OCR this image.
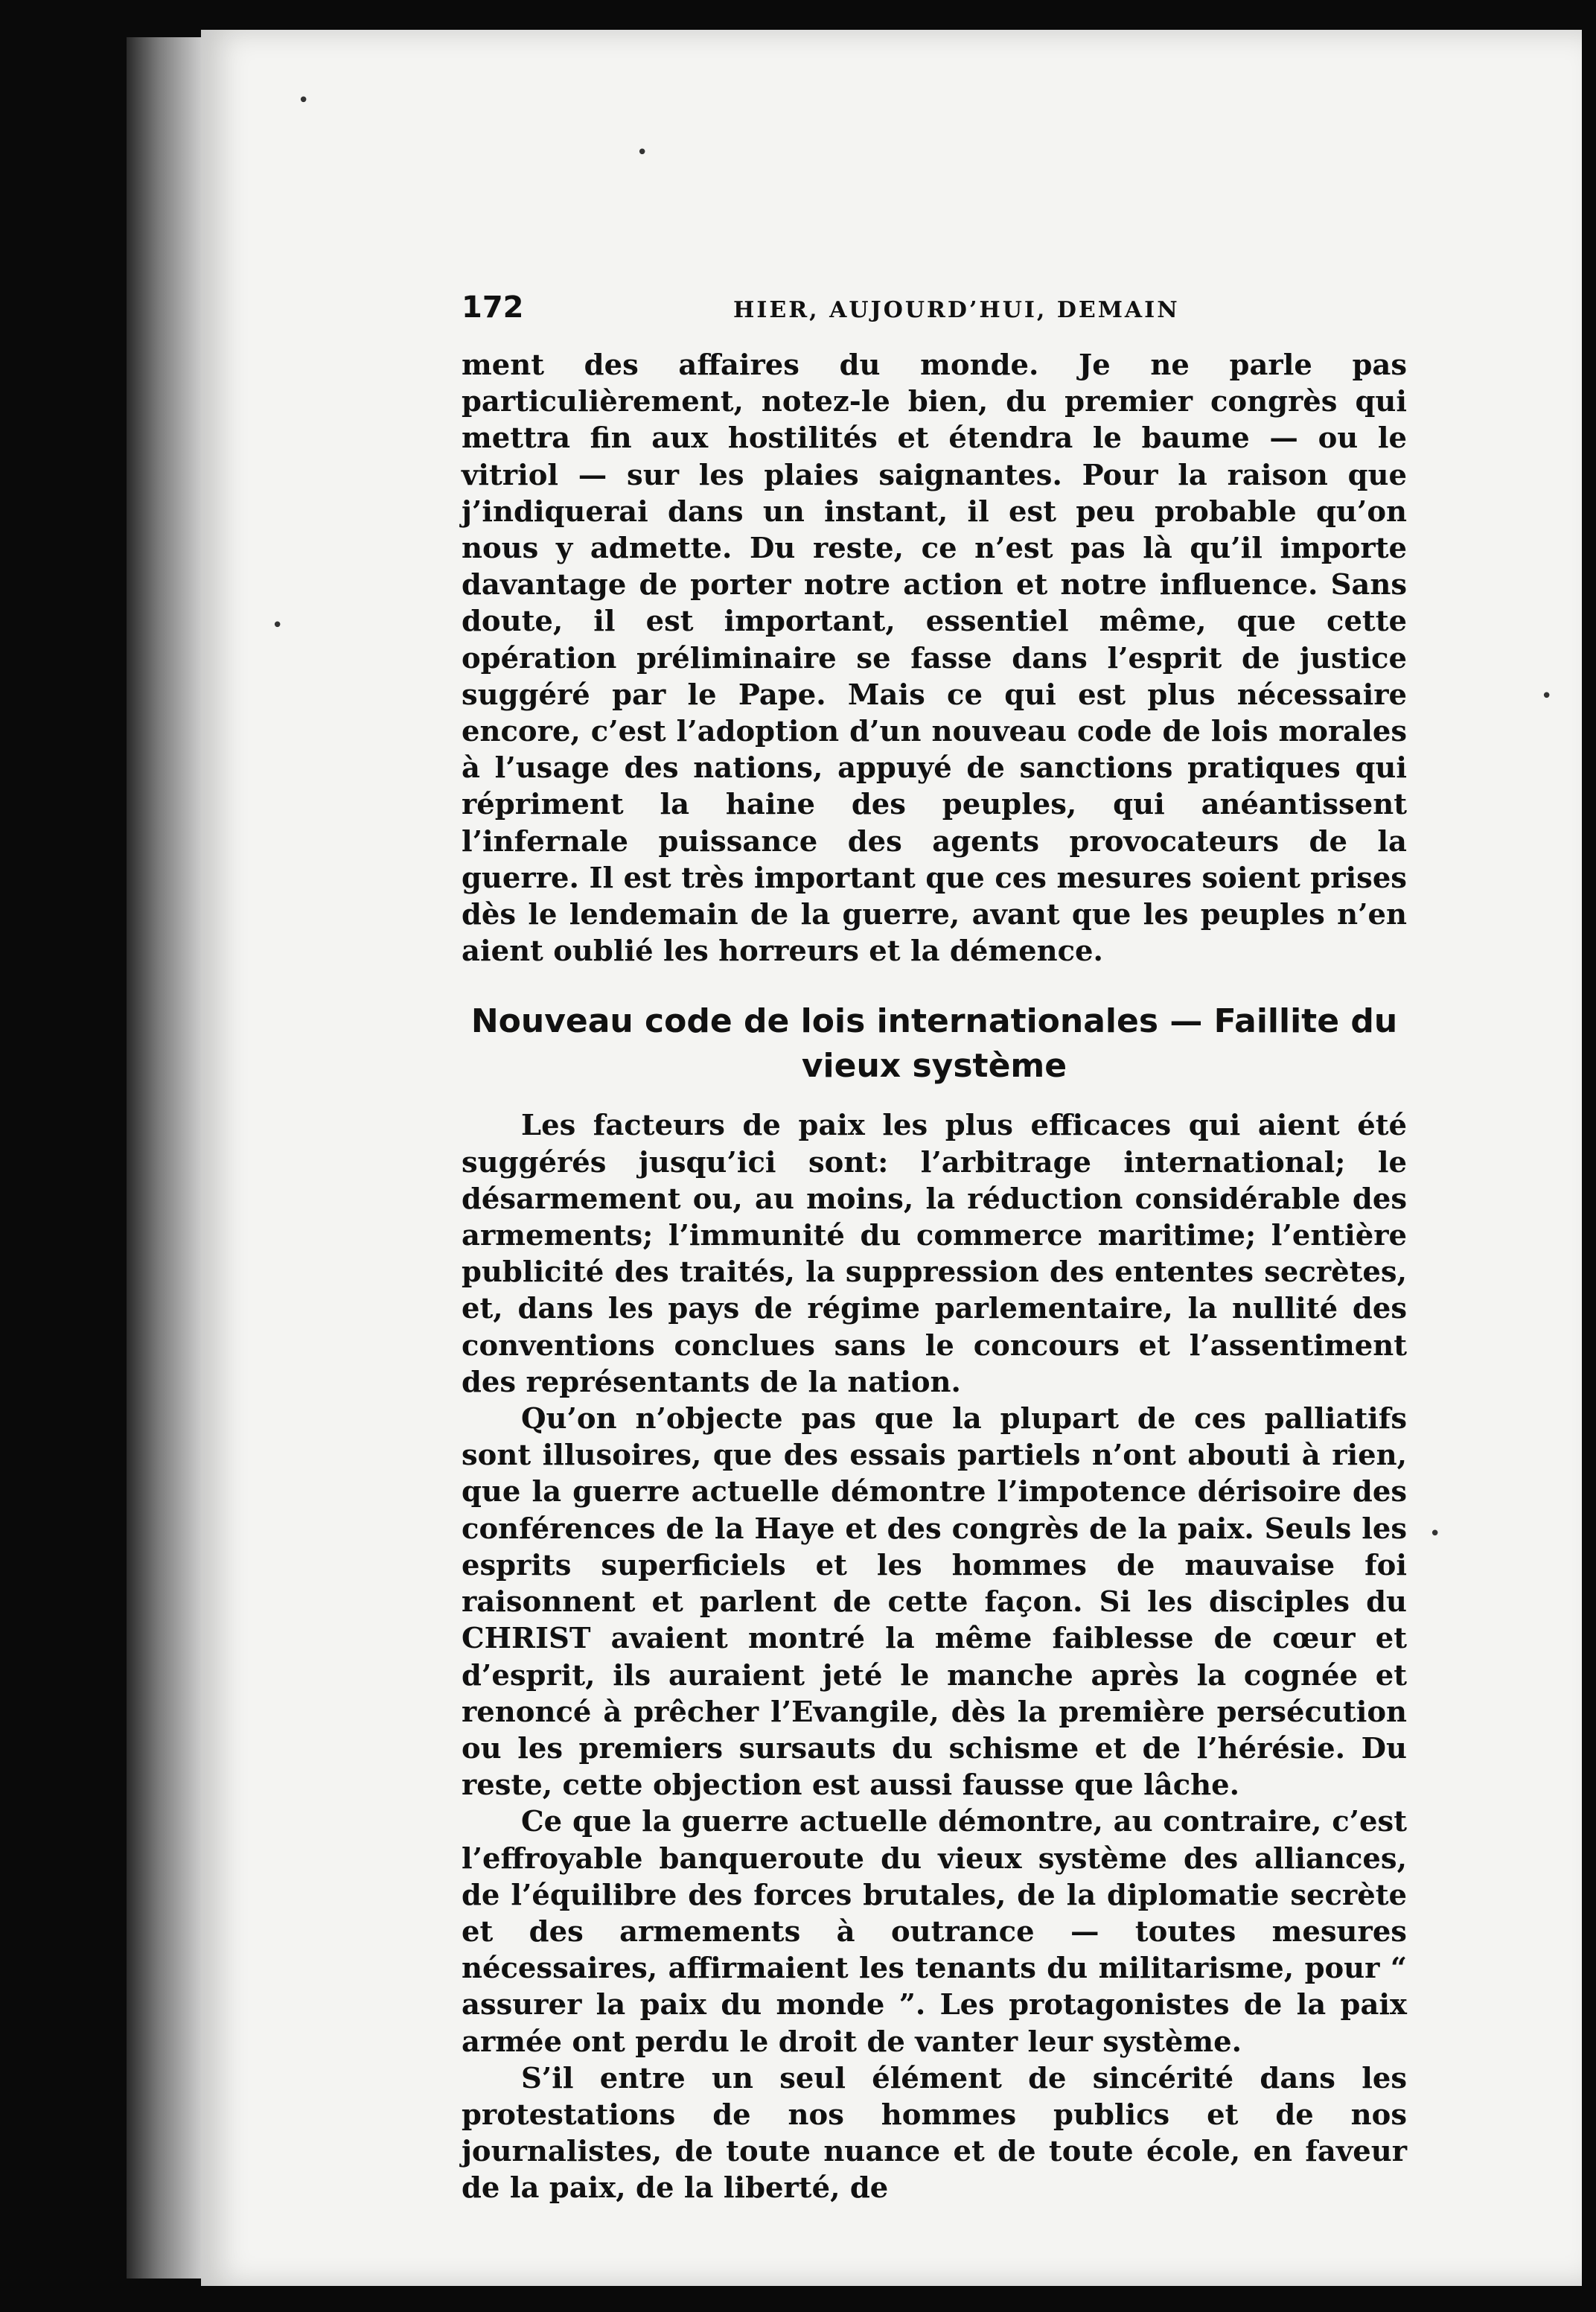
•
•
•
•
•
172	HIER, AUJOURD’HUI, DEMAIN

ment des affaires du monde. Je ne parle pas particulièrement, notez-le bien, du premier congrès qui mettra fin aux hostilités et étendra le baume — ou le vitriol — sur les plaies saignantes. Pour la raison que j’indiquerai dans un instant, il est peu probable qu’on nous y admette. Du reste, ce n’est pas là qu’il importe davantage de porter notre action et notre influence. Sans doute, il est important, essentiel même, que cette opération préliminaire se fasse dans l’esprit de justice suggéré par le Pape. Mais ce qui est plus nécessaire encore, c’est l’adoption d’un nouveau code de lois morales à l’usage des nations, appuyé de sanctions pratiques qui répriment la haine des peuples, qui anéantissent l’infernale puissance des agents provocateurs de la guerre. Il est très important que ces mesures soient prises dès le lendemain de la guerre, avant que les peuples n’en aient oublié les horreurs et la démence.

Nouveau code de lois internationales — Faillite du vieux système

Les facteurs de paix les plus efficaces qui aient été suggérés jusqu’ici sont: l’arbitrage international; le désarmement ou, au moins, la réduction considérable des armements; l’immunité du commerce maritime; l’entière publicité des traités, la suppression des ententes secrètes, et, dans les pays de régime parlementaire, la nullité des conventions conclues sans le concours et l’assentiment des représentants de la nation.

Qu’on n’objecte pas que la plupart de ces palliatifs sont illusoires, que des essais partiels n’ont abouti à rien, que la guerre actuelle démontre l’impotence dérisoire des conférences de la Haye et des congrès de la paix. Seuls les esprits superficiels et les hommes de mauvaise foi raisonnent et parlent de cette façon. Si les disciples du CHRIST avaient montré la même faiblesse de cœur et d’esprit, ils auraient jeté le manche après la cognée et renoncé à prêcher l’Evangile, dès la première persécution ou les premiers sursauts du schisme et de l’hérésie. Du reste, cette objection est aussi fausse que lâche.

Ce que la guerre actuelle démontre, au contraire, c’est l’effroyable banqueroute du vieux système des alliances, de l’équilibre des forces brutales, de la diplomatie secrète et des armements à outrance — toutes mesures nécessaires, affirmaient les tenants du militarisme, pour “ assurer la paix du monde ”. Les protagonistes de la paix armée ont perdu le droit de vanter leur système.

S’il entre un seul élément de sincérité dans les protestations de nos hommes publics et de nos journalistes, de toute nuance et de toute école, en faveur de la paix, de la liberté, de
